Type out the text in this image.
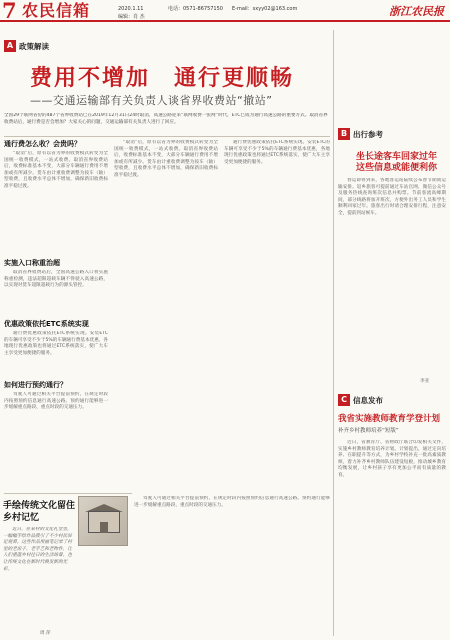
7 农民信箱	2020.1.11
编辑：肖 杰
电话：0571-86757150 E-mail：sxyy02@163.com	浙江农民报
A 政策解读
费用不增加　通行更顺畅
——交通运输部有关负责人谈省界收费站“撤站”
全国29个联网省份的487个省界收费站已在2019年12月31日24时取消，高速公路迎来“联网收费一张网”时代，ETC已成为通行高速公路的重要方式。取消省界收费站后，通行费是否会增加？大家关心的问题，交通运输部有关负责人进行了回应。
通行费怎么收？会贵吗？
“取消”后，原有以省为界的收费模式转变为全国统一收费模式，一站式收费。取消省界收费站后，收费标准基本不变，大部分车辆通行费用不增加或有所减少。货车由计重收费调整为按车（轴）型收费，且收费水平总体不增加，确保新旧收费标准平稳过渡。
实施入口称重治超
取消省界收费站后，全国高速公路入口将实施称重检测，违法超限超载车辆不得驶入高速公路，以实现对货车超限超载行为的源头管控。
优惠政策依托ETC系统实现
通行费优惠政策依托ETC系统实现。安装ETC的车辆可享受不少于5%的车辆通行费基本优惠，各地现行优惠政策也将通过ETC系统落实，使广大车主享受更加便捷的服务。
如何进行预约通行？
驾驶人可通过相关平台提前预约，在规定时段内按照预约信息通行高速公路。预约通行能够进一步缓解重点路段、重点时段的交通压力。
“取消”后，原有以省为界的收费模式转变为全国统一收费模式，一站式收费。取消省界收费站后，收费标准基本不变，大部分车辆通行费用不增加或有所减少。货车由计重收费调整为按车（轴）型收费，且收费水平总体不增加，确保新旧收费标准平稳过渡。
通行费优惠政策依托ETC系统实现。安装ETC的车辆可享受不少于5%的车辆通行费基本优惠，各地现行优惠政策也将通过ETC系统落实，使广大车主享受更加便捷的服务。
驾驶人可通过相关平台提前预约，在规定时段内按照预约信息通行高速公路。预约通行能够进一步缓解重点路段、重点时段的交通压力。
手绘传统文化留住乡村记忆
近日，在某村的文化礼堂里，一幅幅手绘作品吸引了不少村民驻足观看。这些作品用画笔记录了村里的老房子、老手艺和老物件，让人们重温乡村往日的生活场景，也让传统文化在新时代焕发新的光彩。
周 萍
B 出行参考
坐长途客车回家过年这些信息或能便利你
春运即将到来，各地客运站陆续公布春节期间运输安排。返乡旅客可提前通过车站官网、微信公众号及服务热线查询班次信息并购票。节前客流高峰期间，部分线路将加开班次，方便外出务工人员和学生顺利回家过年。旅客出行时请合理安排行程，注意安全，提前到站候车。
李亚
C 信息发布
我省实施教师教育学登计划
补齐乡村教师培养“短版”
近日，省教育厅、省财政厅联合印发相关文件，实施乡村教师教育培养计划。计划提出，通过定向培养、在职提升等方式，为乡村学校补充一批高素质教师，着力补齐乡村教师队伍建设短板，推动城乡教育均衡发展，让乡村孩子享有更加公平而有质量的教育。
